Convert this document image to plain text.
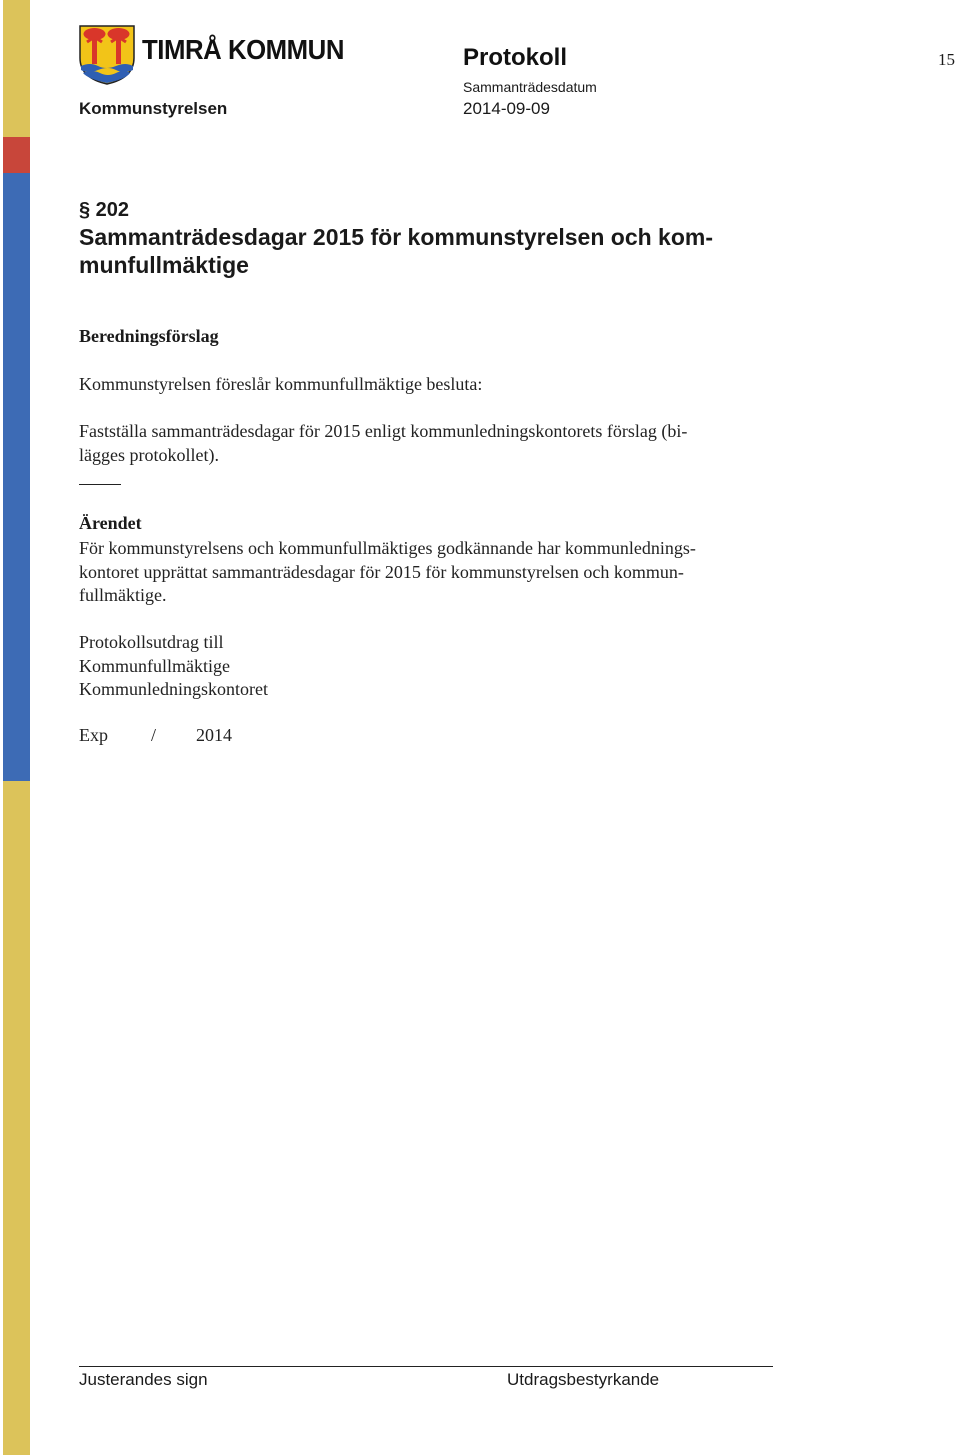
TIMRÅ KOMMUN	Protokoll	15
Sammanträdesdatum
2014-09-09
Kommunstyrelsen
§ 202
Sammanträdesdagar 2015 för kommunstyrelsen och kom-
munfullmäktige
Beredningsförslag
Kommunstyrelsen föreslår kommunfullmäktige besluta:
Fastställa sammanträdesdagar för 2015 enligt kommunledningskontorets förslag (bi-
lägges protokollet).
Ärendet
För kommunstyrelsens och kommunfullmäktiges godkännande har kommunlednings-
kontoret upprättat sammanträdesdagar för 2015 för kommunstyrelsen och kommun-
fullmäktige.
Protokollsutdrag till
Kommunfullmäktige
Kommunledningskontoret
Exp / 2014
Justerandes sign	Utdragsbestyrkande
